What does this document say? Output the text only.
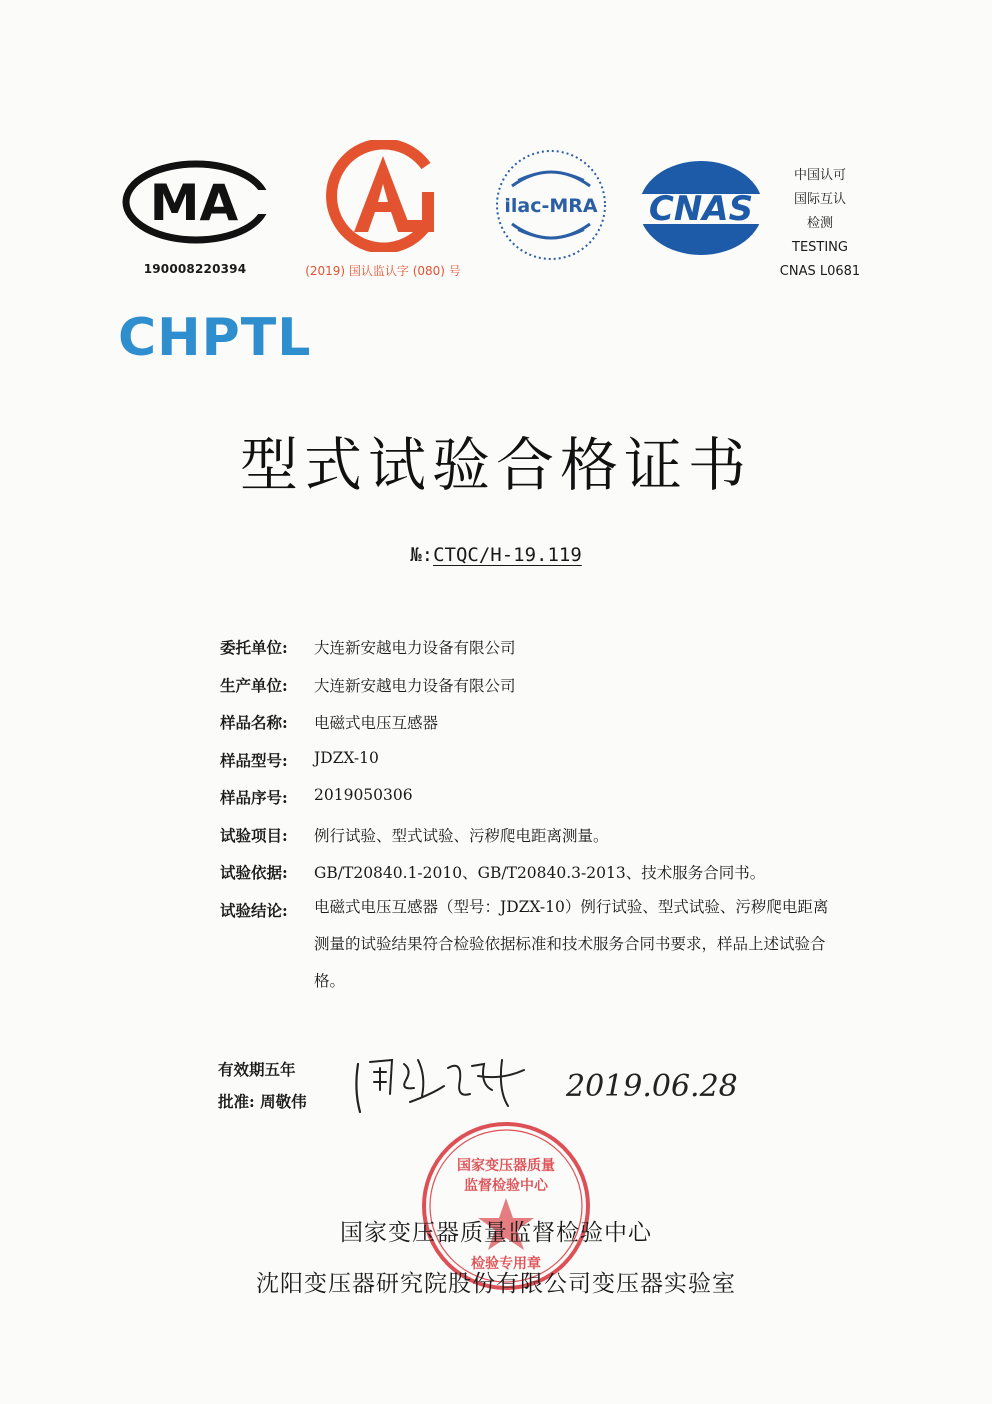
MA
190008220394	(2019) 国认监认字 (080) 号
ilac-MRA CNAS
中国认可
国际互认
检测
TESTING
CNAS L0681
CHPTL
型式试验合格证书
№:CTQC/H-19.119
委托单位:	大连新安越电力设备有限公司
生产单位:	大连新安越电力设备有限公司
样品名称:	电磁式电压互感器
样品型号:	JDZX-10
样品序号:	2019050306
试验项目:	例行试验、型式试验、污秽爬电距离测量。
试验依据:	GB/T20840.1-2010、GB/T20840.3-2013、技术服务合同书。
试验结论:	电磁式电压互感器（型号：JDZX-10）例行试验、型式试验、污秽爬电距离测量的试验结果符合检验依据标准和技术服务合同书要求，样品上述试验合格。
有效期五年
批准: 周敬伟	2019.06.28
国家变压器质量
监督检验中心
检验专用章
国家变压器质量监督检验中心
沈阳变压器研究院股份有限公司变压器实验室
